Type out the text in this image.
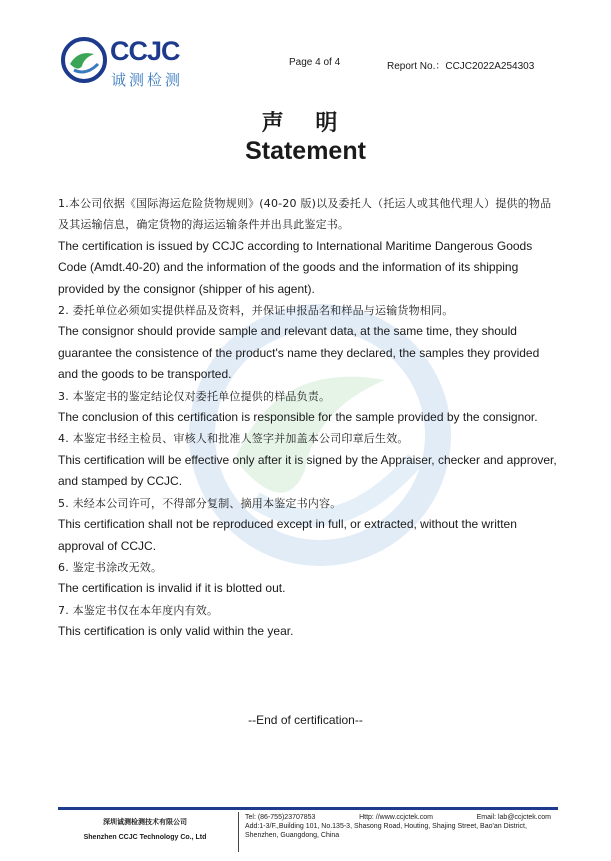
CCJC
诚测检测
Page 4 of 4	Report No.：CCJC2022A254303
声 明
Statement

1.本公司依据《国际海运危险货物规则》(40-20 版)以及委托人（托运人或其他代理人）提供的物品及其运输信息，确定货物的海运运输条件并出具此鉴定书。

The certification is issued by CCJC according to International Maritime Dangerous Goods Code (Amdt.40-20) and the information of the goods and the information of its shipping provided by the consignor (shipper of his agent).

2. 委托单位必须如实提供样品及资料，并保证申报品名和样品与运输货物相同。

The consignor should provide sample and relevant data, at the same time, they should guarantee the consistence of the product's name they declared, the samples they provided and the goods to be transported.

3. 本鉴定书的鉴定结论仅对委托单位提供的样品负责。

The conclusion of this certification is responsible for the sample provided by the consignor.

4. 本鉴定书经主检员、审核人和批准人签字并加盖本公司印章后生效。

This certification will be effective only after it is signed by the Appraiser, checker and approver, and stamped by CCJC.

5. 未经本公司许可，不得部分复制、摘用本鉴定书内容。

This certification shall not be reproduced except in full, or extracted, without the written approval of CCJC.

6. 鉴定书涂改无效。

The certification is invalid if it is blotted out.

7. 本鉴定书仅在本年度内有效。

This certification is only valid within the year.

--End of certification--
深圳诚测检测技术有限公司
Shenzhen CCJC Technology Co., Ltd
Tel: (86-755)23707853	Http: //www.ccjctek.com	Email: lab@ccjctek.com
Add:1-3/F.,Building 101, No.135-3, Shasong Road, Houting, Shajing Street, Bao'an District, Shenzhen, Guangdong, China
